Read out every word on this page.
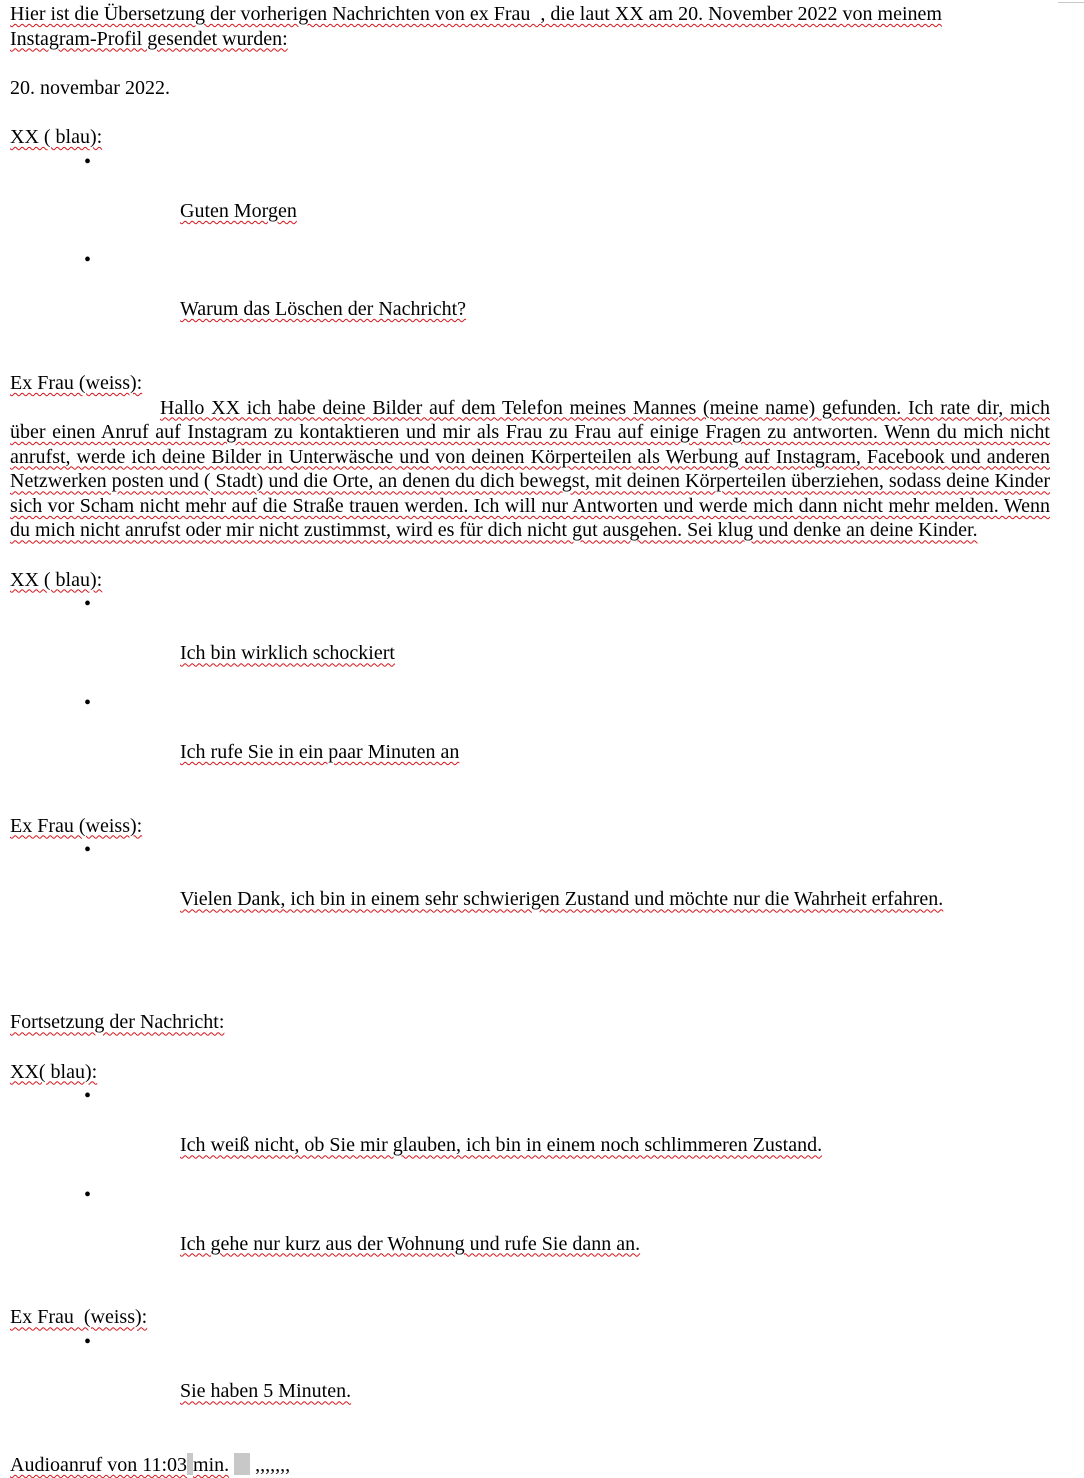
Hier ist die Übersetzung der vorherigen Nachrichten von ex Frau  , die laut XX am 20. November 2022 von meinem
Instagram-Profil gesendet wurden:
20. novembar 2022.
XX ( blau):

•

Guten Morgen

•

Warum das Löschen der Nachricht?

Ex Frau (weiss):
Hallo XX ich habe deine Bilder auf dem Telefon meines Mannes (meine name) gefunden. Ich rate dir, mich über einen Anruf auf Instagram zu kontaktieren und mir als Frau zu Frau auf einige Fragen zu antworten. Wenn du mich nicht anrufst, werde ich deine Bilder in Unterwäsche und von deinen Körperteilen als Werbung auf Instagram, Facebook und anderen Netzwerken posten und ( Stadt) und die Orte, an denen du dich bewegst, mit deinen Körperteilen überziehen, sodass deine Kinder sich vor Scham nicht mehr auf die Straße trauen werden. Ich will nur Antworten und werde mich dann nicht mehr melden. Wenn du mich nicht anrufst oder mir nicht zustimmst, wird es für dich nicht gut ausgehen. Sei klug und denke an deine Kinder.
XX ( blau):

•

Ich bin wirklich schockiert

•

Ich rufe Sie in ein paar Minuten an

Ex Frau (weiss):

•

Vielen Dank, ich bin in einem sehr schwierigen Zustand und möchte nur die Wahrheit erfahren.

Fortsetzung der Nachricht:
XX( blau):

•

Ich weiß nicht, ob Sie mir glauben, ich bin in einem noch schlimmeren Zustand.

•

Ich gehe nur kurz aus der Wohnung und rufe Sie dann an.

Ex Frau  (weiss):

•

Sie haben 5 Minuten.

Audioanruf von 11:03 min. ,,,,,,,
